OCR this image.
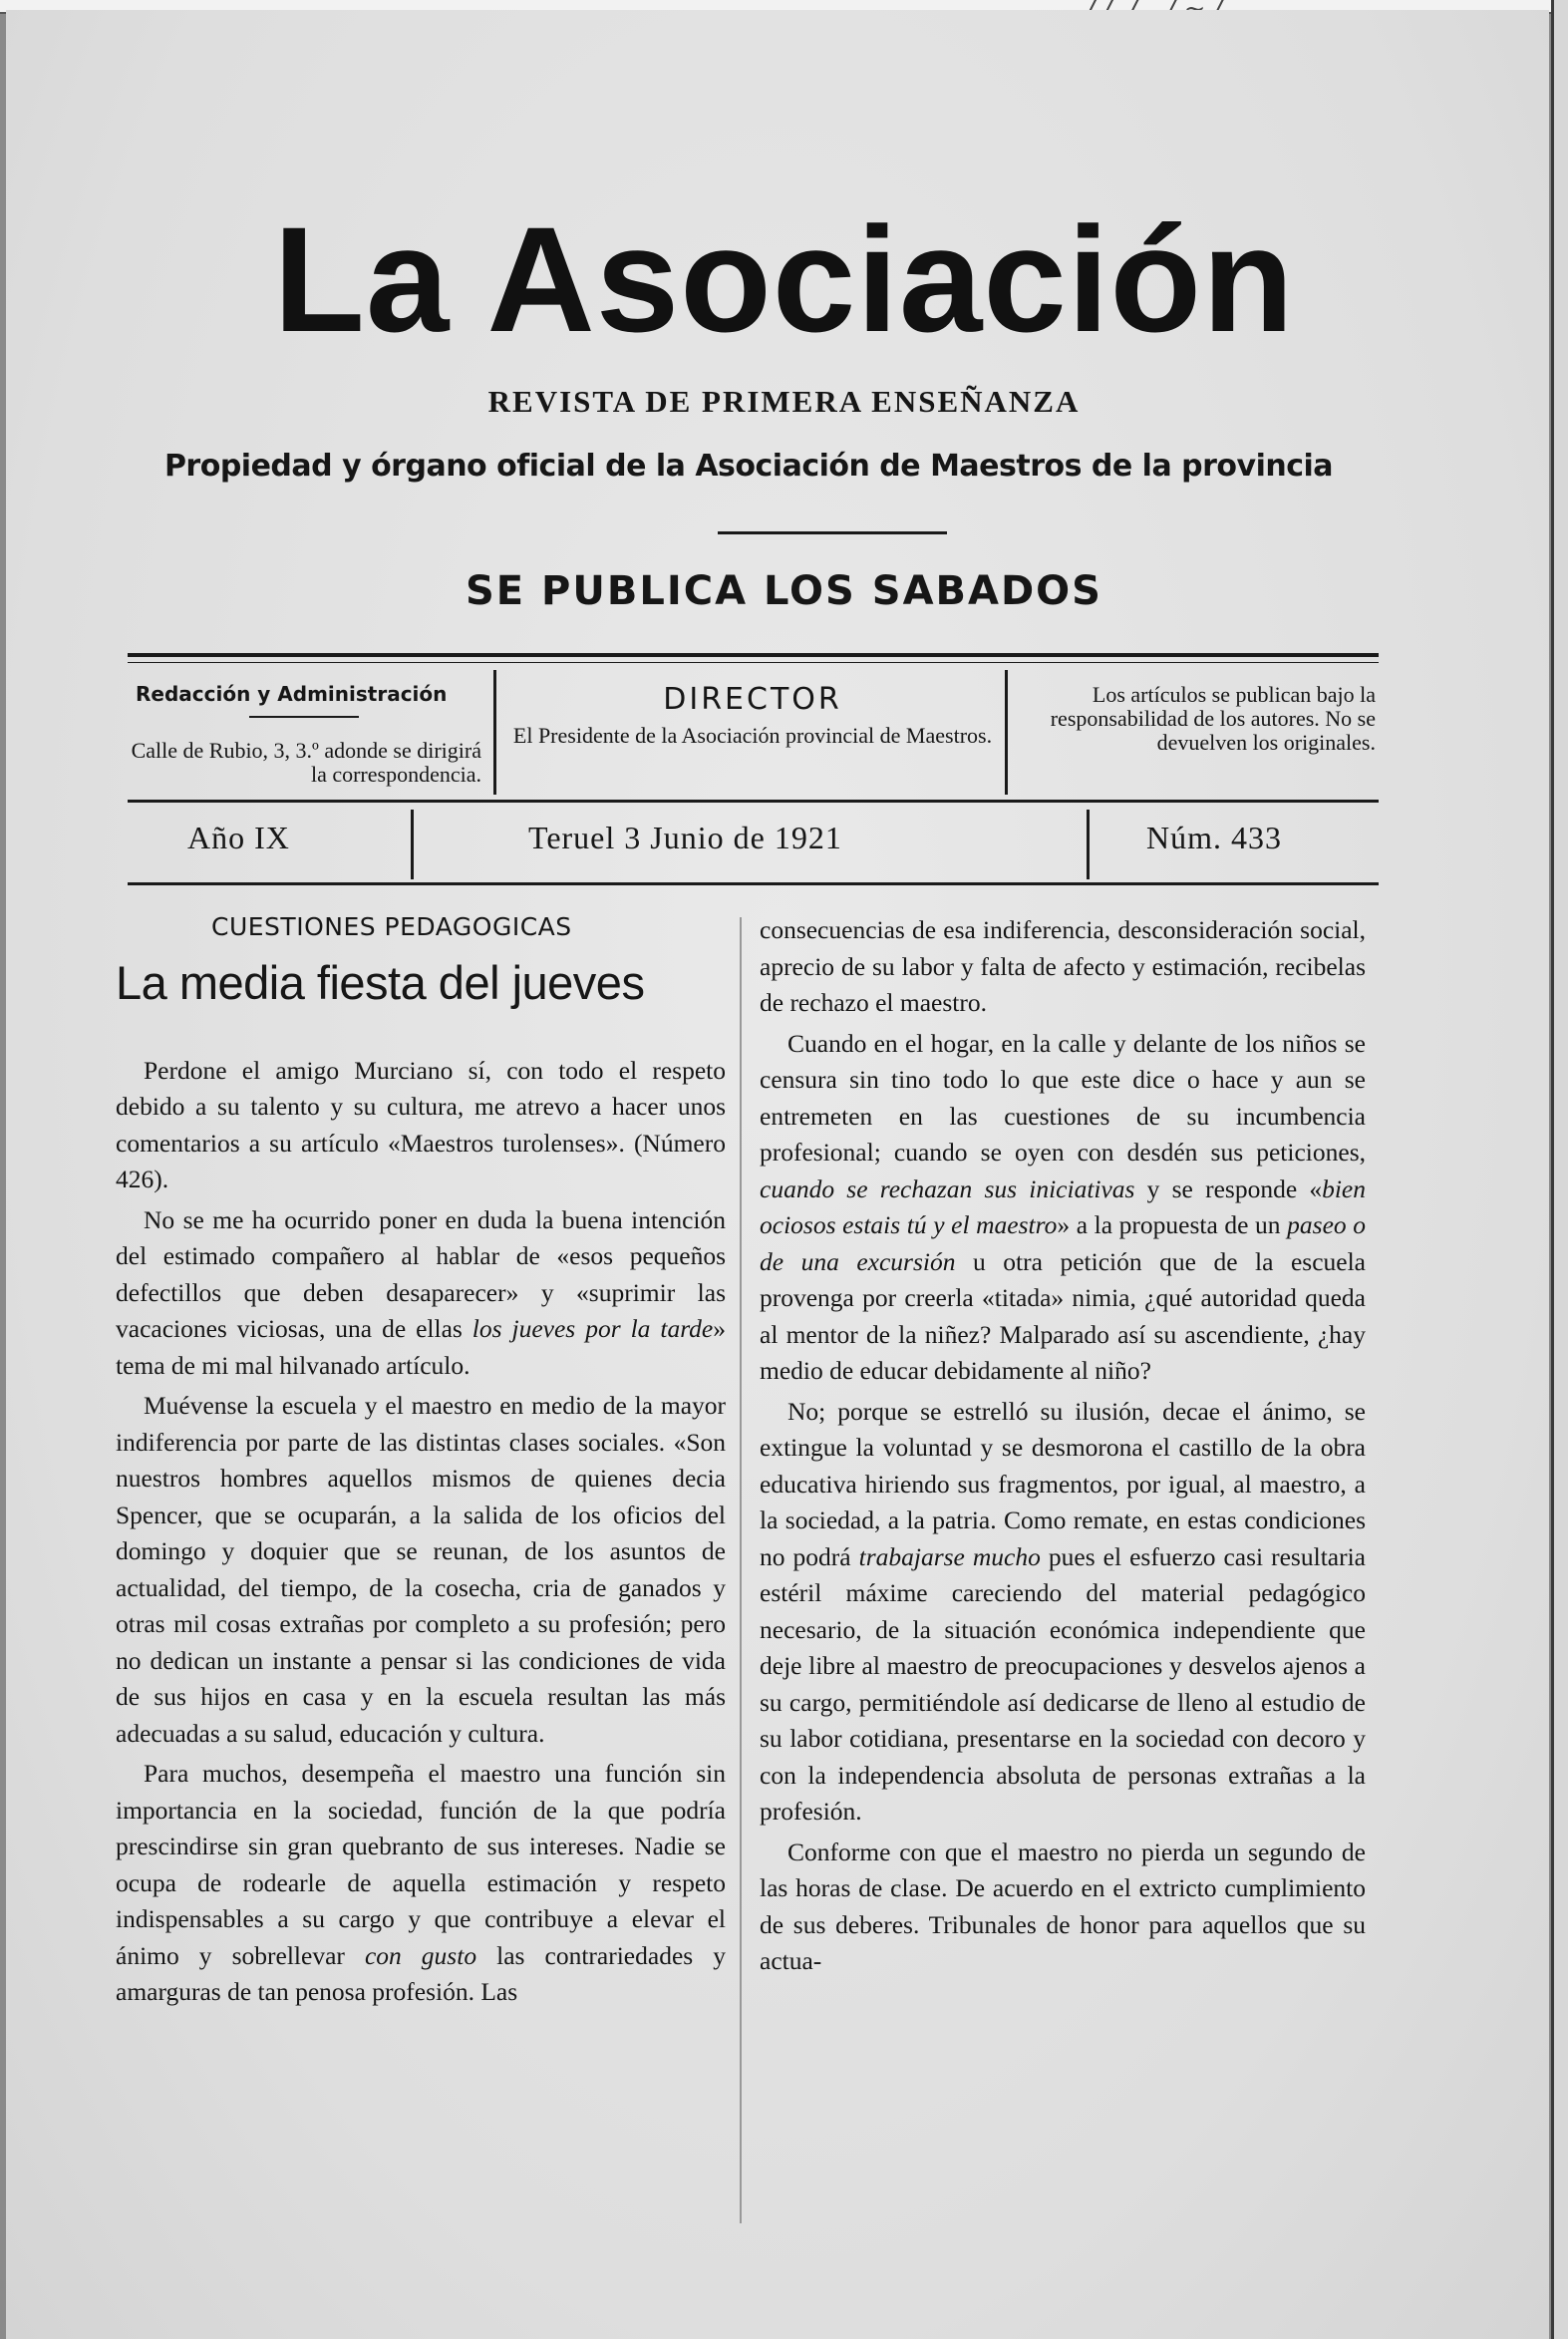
La Asociación
REVISTA DE PRIMERA ENSEÑANZA
Propiedad y órgano oficial de la Asociación de Maestros de la provincia
SE PUBLICA LOS SABADOS
Redacción y Administración
Calle de Rubio, 3, 3.º adonde se dirigirá la correspondencia.
DIRECTOR
El Presidente de la Asociación provincial de Maestros.
Los artículos se publican bajo la responsabilidad de los autores. No se devuelven los originales.
Año IX	Teruel 3 Junio de 1921	Núm. 433
CUESTIONES PEDAGOGICAS
La media fiesta del jueves

Perdone el amigo Murciano sí, con todo el respeto debido a su talento y su cultura, me atrevo a hacer unos comentarios a su artículo «Maestros turolenses». (Número 426).

No se me ha ocurrido poner en duda la buena intención del estimado compañero al hablar de «esos pequeños defectillos que deben desaparecer» y «suprimir las vacaciones viciosas, una de ellas los jueves por la tarde» tema de mi mal hilvanado artículo.

Muévense la escuela y el maestro en medio de la mayor indiferencia por parte de las distintas clases sociales. «Son nuestros hombres aquellos mismos de quienes decia Spencer, que se ocuparán, a la salida de los oficios del domingo y doquier que se reunan, de los asuntos de actualidad, del tiempo, de la cosecha, cria de ganados y otras mil cosas extrañas por completo a su profesión; pero no dedican un instante a pensar si las condiciones de vida de sus hijos en casa y en la escuela resultan las más adecuadas a su salud, educación y cultura.

Para muchos, desempeña el maestro una función sin importancia en la sociedad, función de la que podría prescindirse sin gran quebranto de sus intereses. Nadie se ocupa de rodearle de aquella estimación y respeto indispensables a su cargo y que contribuye a elevar el ánimo y sobrellevar con gusto las contrariedades y amarguras de tan penosa profesión. Las

consecuencias de esa indiferencia, desconsideración social, aprecio de su labor y falta de afecto y estimación, recibelas de rechazo el maestro.

Cuando en el hogar, en la calle y delante de los niños se censura sin tino todo lo que este dice o hace y aun se entremeten en las cuestiones de su incumbencia profesional; cuando se oyen con desdén sus peticiones, cuando se rechazan sus iniciativas y se responde «bien ociosos estais tú y el maestro» a la propuesta de un paseo o de una excursión u otra petición que de la escuela provenga por creerla «titada» nimia, ¿qué autoridad queda al mentor de la niñez? Malparado así su ascendiente, ¿hay medio de educar debidamente al niño?

No; porque se estrelló su ilusión, decae el ánimo, se extingue la voluntad y se desmorona el castillo de la obra educativa hiriendo sus fragmentos, por igual, al maestro, a la sociedad, a la patria. Como remate, en estas condiciones no podrá trabajarse mucho pues el esfuerzo casi resultaria estéril máxime careciendo del material pedagógico necesario, de la situación económica independiente que deje libre al maestro de preocupaciones y desvelos ajenos a su cargo, permitiéndole así dedicarse de lleno al estudio de su labor cotidiana, presentarse en la sociedad con decoro y con la independencia absoluta de personas extrañas a la profesión.

Conforme con que el maestro no pierda un segundo de las horas de clase. De acuerdo en el extricto cumplimiento de sus deberes. Tribunales de honor para aquellos que su actua-
